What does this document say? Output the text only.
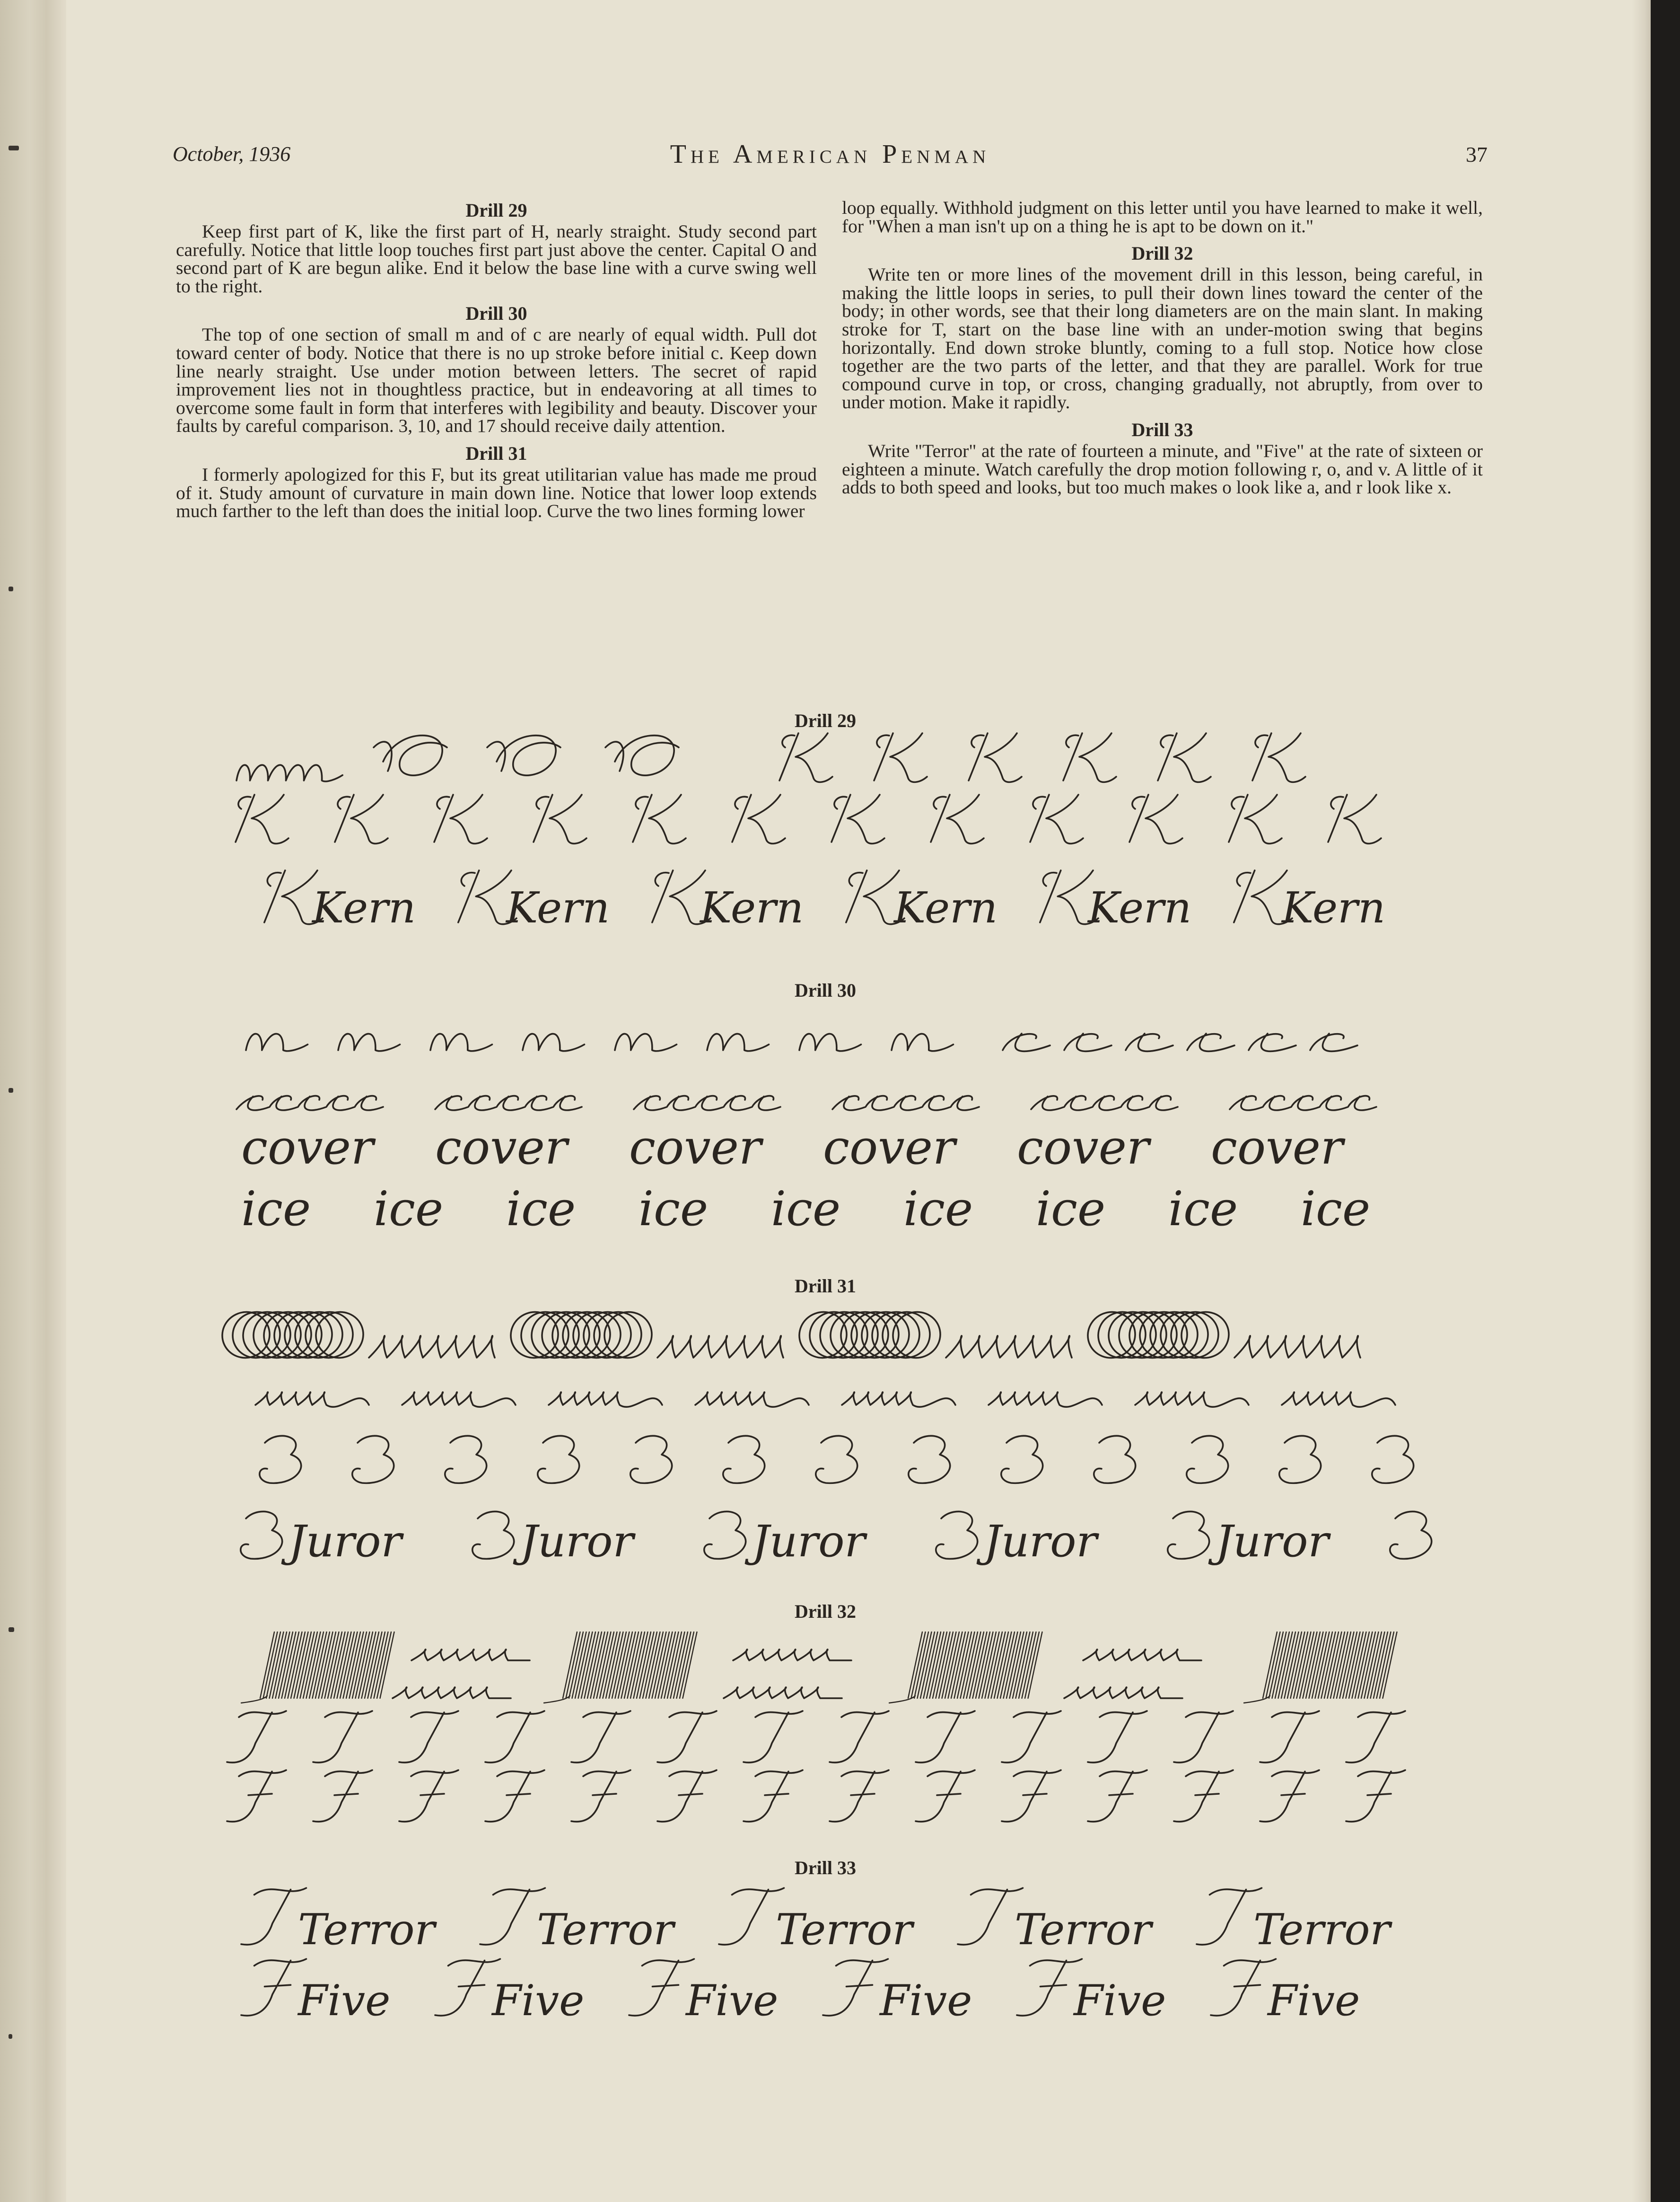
October, 1936	The American Penman	37
Drill 29

Keep first part of K, like the first part of H, nearly straight. Study second part carefully. Notice that little loop touches first part just above the center. Capital O and second part of K are begun alike. End it below the base line with a curve swing well to the right.

Drill 30

The top of one section of small m and of c are nearly of equal width. Pull dot toward center of body. Notice that there is no up stroke before initial c. Keep down line nearly straight. Use under motion between letters. The secret of rapid improvement lies not in thoughtless practice, but in endeavoring at all times to overcome some fault in form that interferes with legibility and beauty. Discover your faults by careful comparison. 3, 10, and 17 should receive daily attention.

Drill 31

I formerly apologized for this F, but its great utilitarian value has made me proud of it. Study amount of curvature in main down line. Notice that lower loop extends much farther to the left than does the initial loop. Curve the two lines forming lower

loop equally. Withhold judgment on this letter until you have learned to make it well, for "When a man isn't up on a thing he is apt to be down on it."

Drill 32

Write ten or more lines of the movement drill in this lesson, being careful, in making the little loops in series, to pull their down lines toward the center of the body; in other words, see that their long diameters are on the main slant. In making stroke for T, start on the base line with an under-motion swing that begins horizontally. End down stroke bluntly, coming to a full stop. Notice how close together are the two parts of the letter, and that they are parallel. Work for true compound curve in top, or cross, changing gradually, not abruptly, from over to under motion. Make it rapidly.

Drill 33

Write "Terror" at the rate of fourteen a minute, and "Five" at the rate of sixteen or eighteen a minute. Watch carefully the drop motion following r, o, and v. A little of it adds to both speed and looks, but too much makes o look like a, and r look like x.

Drill 29
Drill 30
Drill 31
Drill 32
Drill 33
Kern Kern Kern Kern Kern Kern
cover cover cover cover cover cover
ice ice ice ice ice ice ice ice ice
Juror	Juror	Juror	Juror	Juror
Terror Terror Terror Terror Terror
Five Five Five Five Five Five
